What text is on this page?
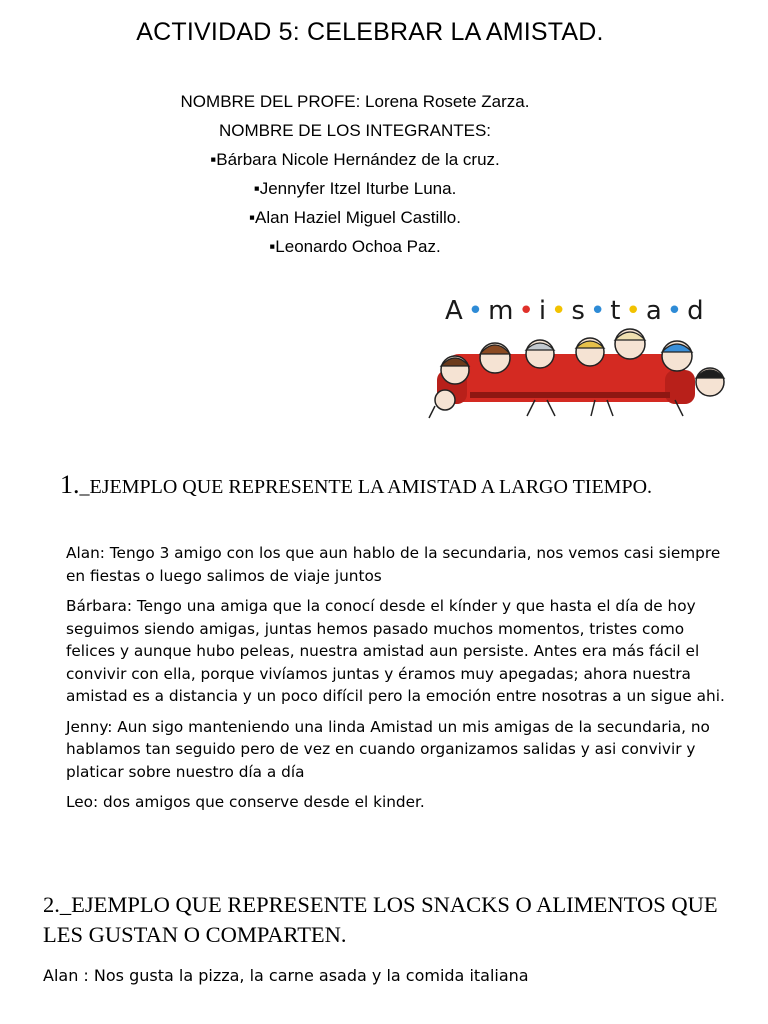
ACTIVIDAD 5: CELEBRAR LA AMISTAD.
NOMBRE DEL PROFE: Lorena Rosete Zarza.
NOMBRE DE LOS INTEGRANTES:
▪Bárbara Nicole Hernández de la cruz.
▪Jennyfer Itzel Iturbe Luna.
▪Alan Haziel Miguel Castillo.
▪Leonardo Ochoa Paz.
~
A • m • i • s • t • a • d
1._EJEMPLO QUE REPRESENTE LA AMISTAD A LARGO TIEMPO.

Alan: Tengo 3 amigo con los que aun hablo de la secundaria, nos vemos casi siempre en fiestas o luego salimos de viaje juntos

Bárbara: Tengo una amiga que la conocí desde el kínder y que hasta el día de hoy seguimos siendo amigas, juntas hemos pasado muchos momentos, tristes como felices y aunque hubo peleas, nuestra amistad aun persiste. Antes era más fácil el convivir con ella, porque vivíamos juntas y éramos muy apegadas; ahora nuestra amistad es a distancia y un poco difícil pero la emoción entre nosotras a un sigue ahi.

Jenny: Aun sigo manteniendo una linda Amistad un mis amigas de la secundaria, no hablamos tan seguido pero de vez en cuando organizamos salidas y asi convivir y platicar sobre nuestro día a día

Leo: dos amigos que conserve desde el kinder.

2._EJEMPLO QUE REPRESENTE LOS SNACKS O ALIMENTOS QUE LES GUSTAN O COMPARTEN.
Alan : Nos gusta la pizza, la carne asada y la comida italiana
